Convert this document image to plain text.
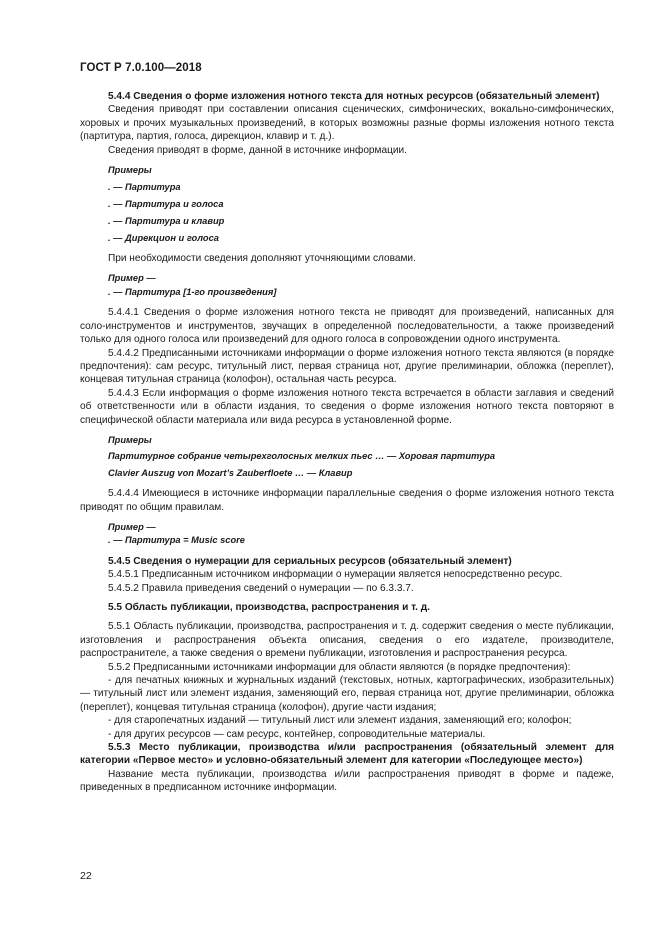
ГОСТ Р 7.0.100—2018

5.4.4 Сведения о форме изложения нотного текста для нотных ресурсов (обязательный элемент)

Сведения приводят при составлении описания сценических, симфонических, вокально-симфонических, хоровых и прочих музыкальных произведений, в которых возможны разные формы изложения нотного текста (партитура, партия, голоса, дирекцион, клавир и т. д.).

Сведения приводят в форме, данной в источнике информации.

Примеры

. — Партитура

. — Партитура и голоса

. — Партитура и клавир

. — Дирекцион и голоса

При необходимости сведения дополняют уточняющими словами.

Пример —

. — Партитура [1-го произведения]

5.4.4.1 Сведения о форме изложения нотного текста не приводят для произведений, написанных для соло-инструментов и инструментов, звучащих в определенной последовательности, а также произведений только для одного голоса или произведений для одного голоса в сопровождении одного инструмента.

5.4.4.2 Предписанными источниками информации о форме изложения нотного текста являются (в порядке предпочтения): сам ресурс, титульный лист, первая страница нот, другие прелиминарии, обложка (переплет), концевая титульная страница (колофон), остальная часть ресурса.

5.4.4.3 Если информация о форме изложения нотного текста встречается в области заглавия и сведений об ответственности или в области издания, то сведения о форме изложения нотного текста повторяют в специфической области материала или вида ресурса в установленной форме.

Примеры

Партитурное собрание четырехголосных мелких пьес … — Хоровая партитура

Clavier Auszug von Mozart’s Zauberfloete … — Клавир

5.4.4.4 Имеющиеся в источнике информации параллельные сведения о форме изложения нотного текста приводят по общим правилам.

Пример —

. — Партитура = Music score

5.4.5 Сведения о нумерации для сериальных ресурсов (обязательный элемент)

5.4.5.1 Предписанным источником информации о нумерации является непосредственно ресурс.

5.4.5.2 Правила приведения сведений о нумерации — по 6.3.3.7.

5.5 Область публикации, производства, распространения и т. д.

5.5.1 Область публикации, производства, распространения и т. д. содержит сведения о месте публикации, изготовления и распространения объекта описания, сведения о его издателе, производителе, распространителе, а также сведения о времени публикации, изготовления и распространения ресурса.

5.5.2 Предписанными источниками информации для области являются (в порядке предпочтения):

- для печатных книжных и журнальных изданий (текстовых, нотных, картографических, изобразительных) — титульный лист или элемент издания, заменяющий его, первая страница нот, другие прелиминарии, обложка (переплет), концевая титульная страница (колофон), другие части издания;

- для старопечатных изданий — титульный лист или элемент издания, заменяющий его; колофон;

- для других ресурсов — сам ресурс, контейнер, сопроводительные материалы.

5.5.3 Место публикации, производства и/или распространения (обязательный элемент для категории «Первое место» и условно-обязательный элемент для категории «Последующее место»)

Название места публикации, производства и/или распространения приводят в форме и падеже, приведенных в предписанном источнике информации.

22
